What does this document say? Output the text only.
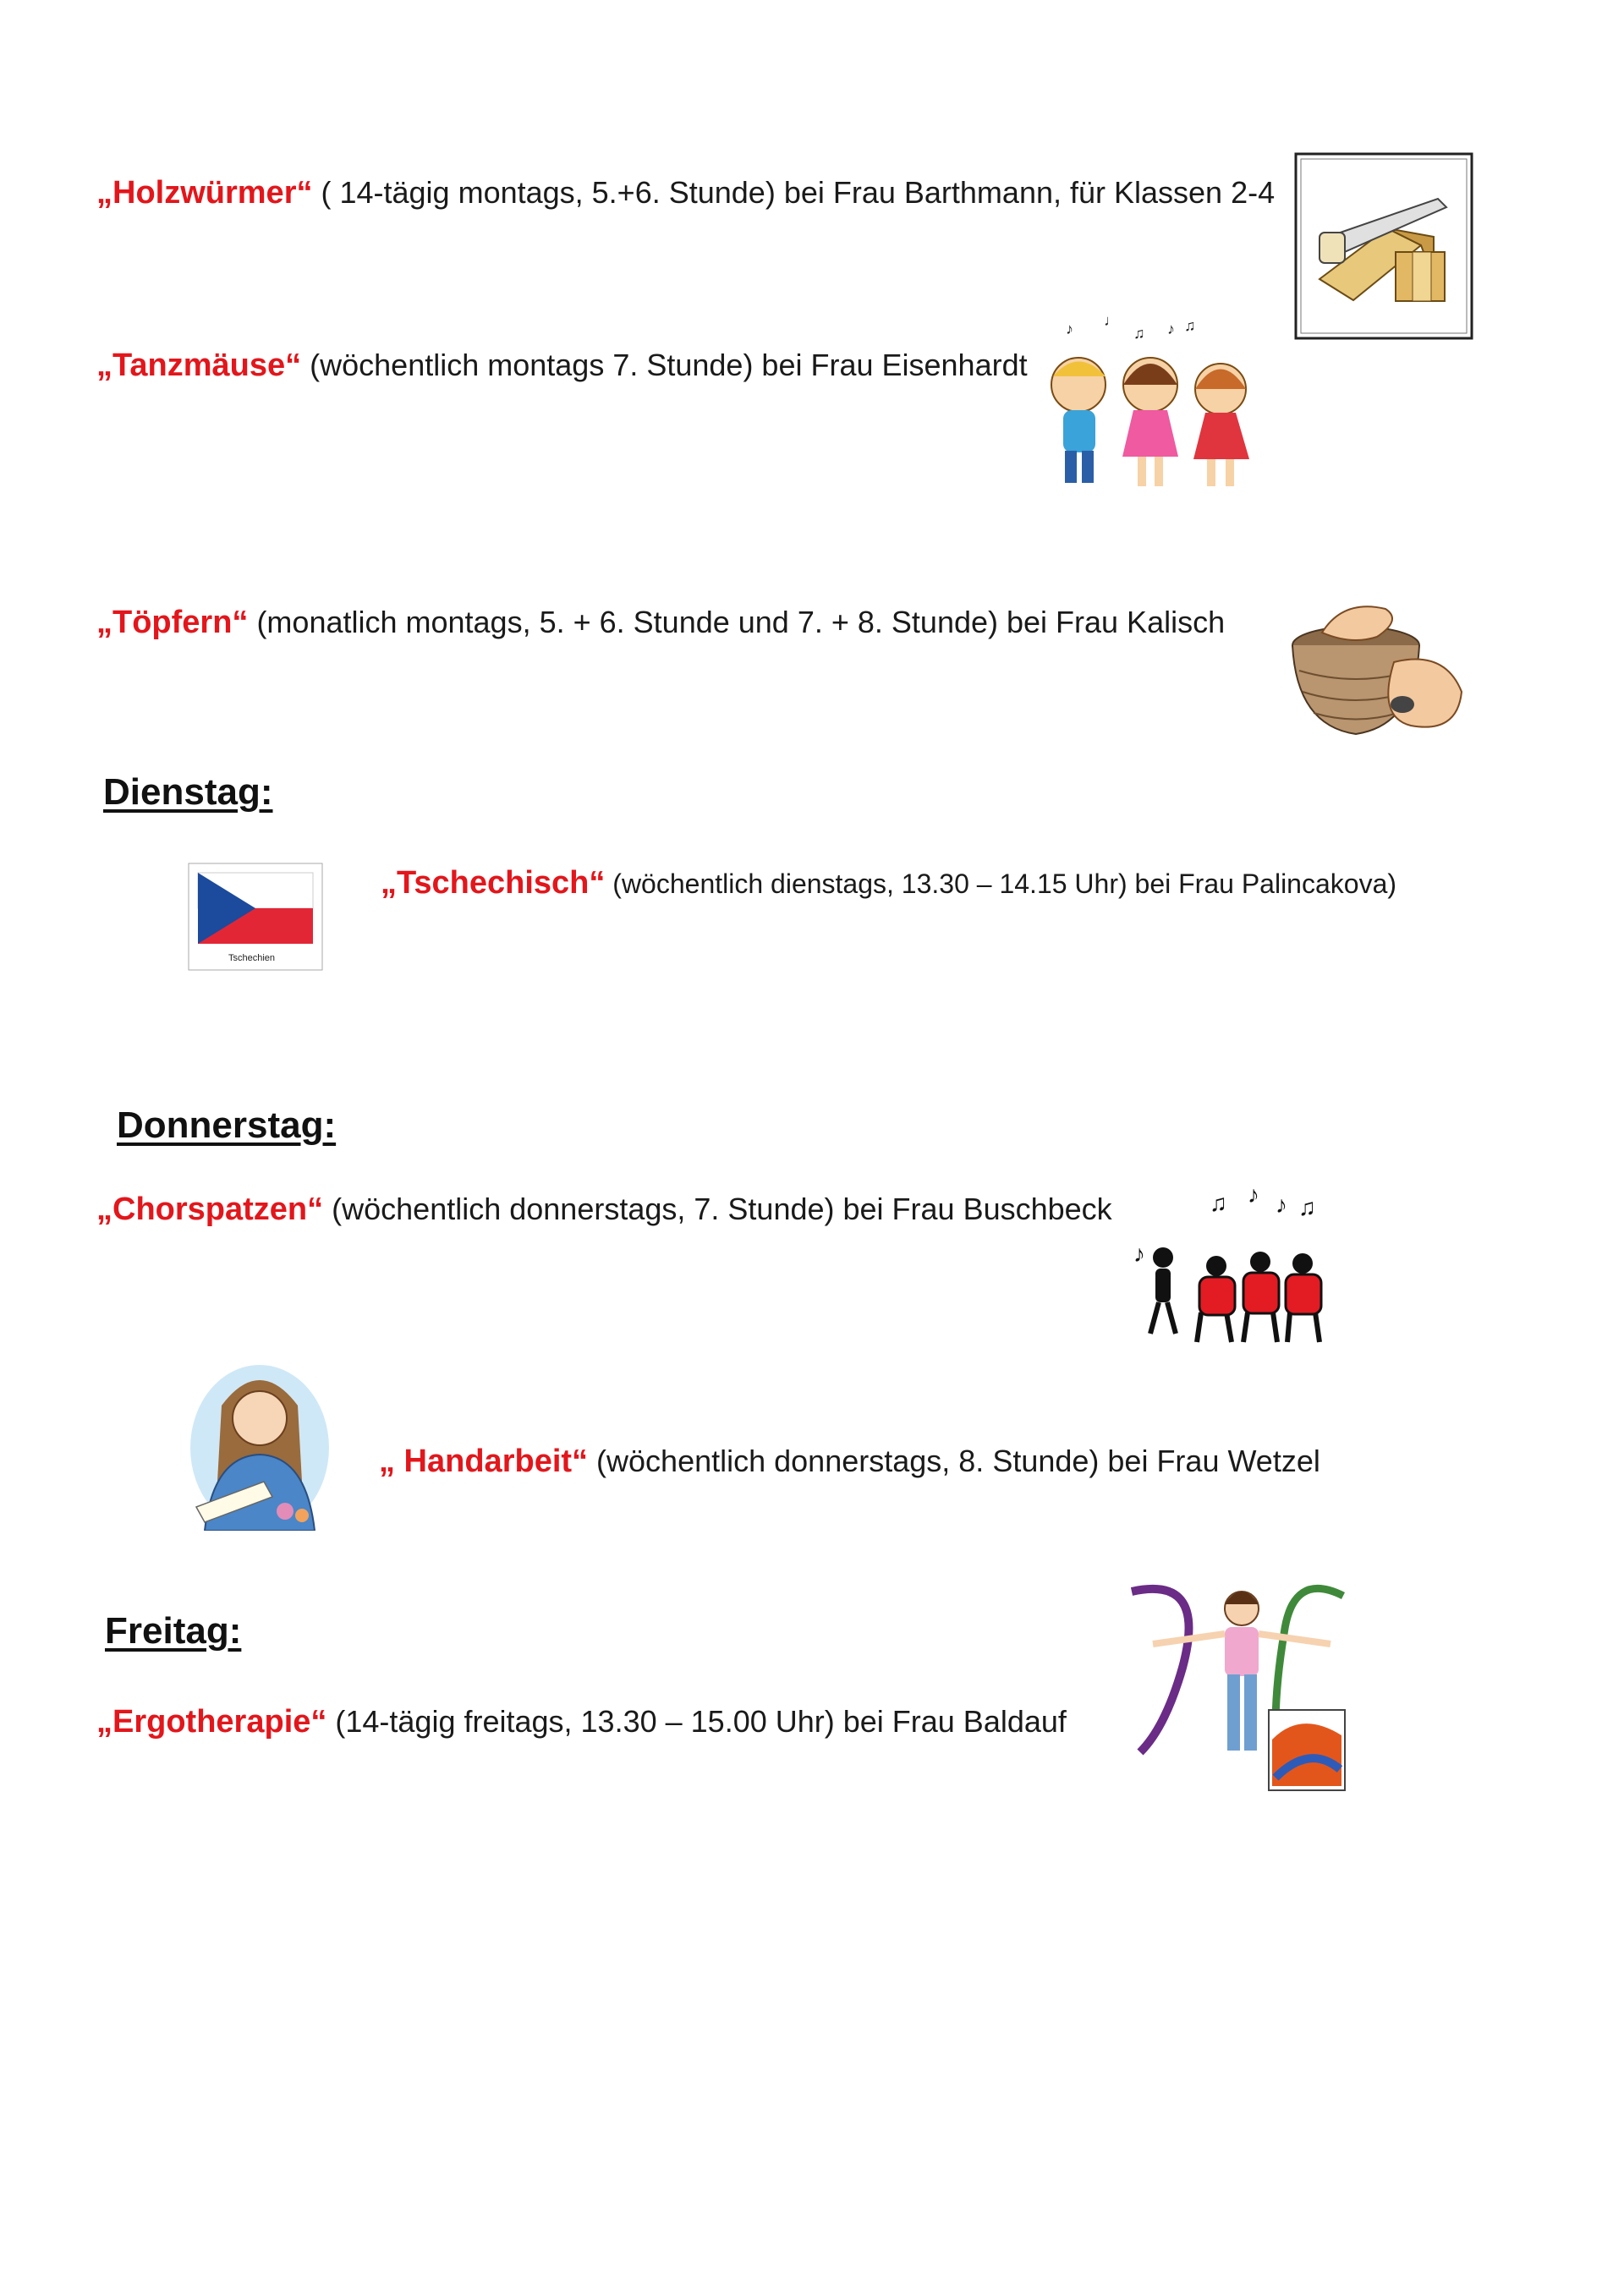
„Holzwürmer“ ( 14-tägig montags, 5.+6. Stunde) bei Frau Barthmann, für Klassen 2-4
„Tanzmäuse“ (wöchentlich montags 7. Stunde) bei Frau Eisenhardt
♪ ♩
♫ ♪ ♫
„Töpfern“ (monatlich montags, 5. + 6. Stunde und 7. + 8. Stunde) bei Frau Kalisch
Dienstag:
Tschechien
„Tschechisch“ (wöchentlich dienstags, 13.30 – 14.15 Uhr) bei Frau Palincakova)
Donnerstag:
„Chorspatzen“ (wöchentlich donnerstags, 7. Stunde) bei Frau Buschbeck	♫ ♪ ♪ ♫
♪
„ Handarbeit“ (wöchentlich donnerstags, 8. Stunde) bei Frau Wetzel
Freitag:
„Ergotherapie“ (14-tägig freitags, 13.30 – 15.00 Uhr) bei Frau Baldauf
